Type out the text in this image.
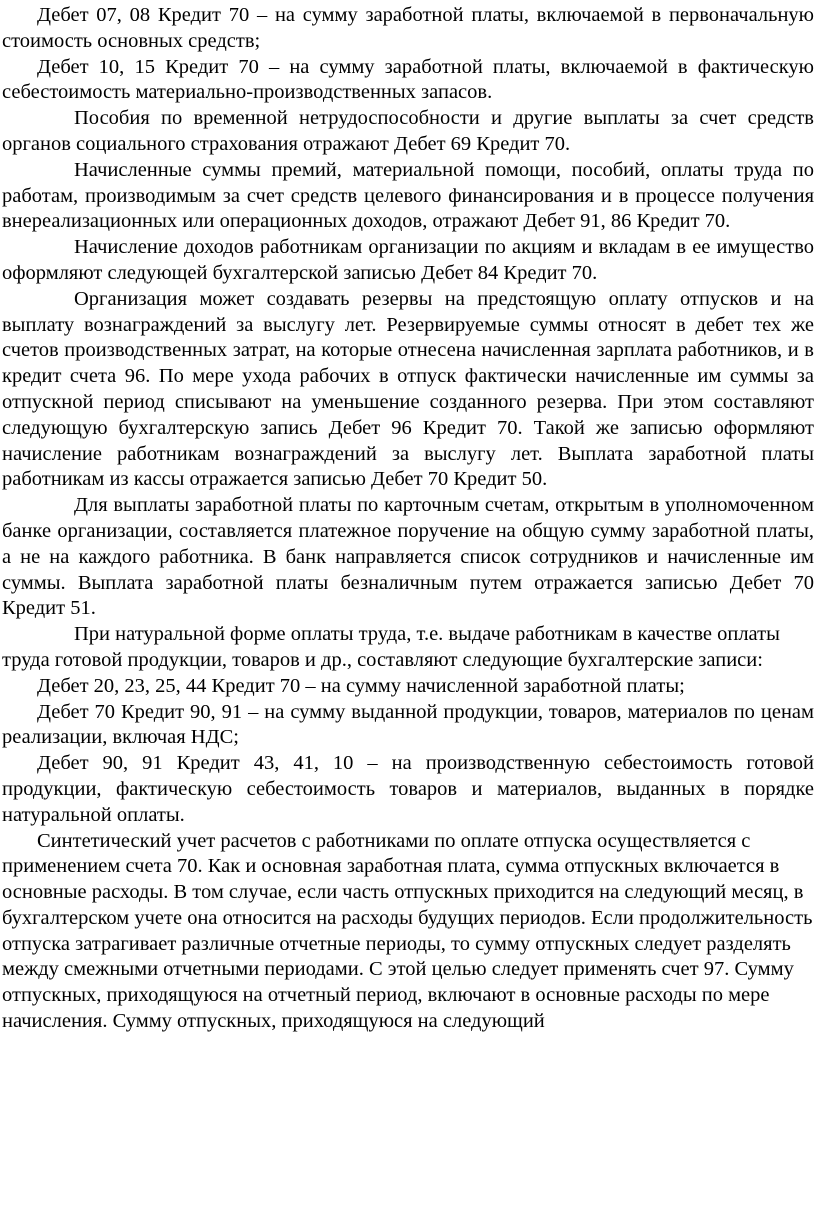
Дебет 07, 08 Кредит 70 – на сумму заработной платы, включаемой в первоначальную стоимость основных средств;

Дебет 10, 15 Кредит 70 – на сумму заработной платы, включаемой в фактическую себестоимость материально-производственных запасов.

Пособия по временной нетрудоспособности и другие выплаты за счет средств органов социального страхования отражают Дебет 69 Кредит 70.

Начисленные суммы премий, материальной помощи, пособий, оплаты труда по работам, производимым за счет средств целевого финансирования и в процессе получения внереализационных или операционных доходов, отражают Дебет 91, 86 Кредит 70.

Начисление доходов работникам организации по акциям и вкладам в ее имущество оформляют следующей бухгалтерской записью Дебет 84 Кредит 70.

Организация может создавать резервы на предстоящую оплату отпусков и на выплату вознаграждений за выслугу лет. Резервируемые суммы относят в дебет тех же счетов производственных затрат, на которые отнесена начисленная зарплата работников, и в кредит счета 96. По мере ухода рабочих в отпуск фактически начисленные им суммы за отпускной период списывают на уменьшение созданного резерва. При этом составляют следующую бухгалтерскую запись Дебет 96 Кредит 70. Такой же записью оформляют начисление работникам вознаграждений за выслугу лет. Выплата заработной платы работникам из кассы отражается записью Дебет 70 Кредит 50.

Для выплаты заработной платы по карточным счетам, открытым в уполномоченном банке организации, составляется платежное поручение на общую сумму заработной платы, а не на каждого работника. В банк направляется список сотрудников и начисленные им суммы. Выплата заработной платы безналичным путем отражается записью Дебет 70 Кредит 51.

При натуральной форме оплаты труда, т.е. выдаче работникам в качестве оплаты труда готовой продукции, товаров и др., составляют следующие бухгалтерские записи:

Дебет 20, 23, 25, 44 Кредит 70 – на сумму начисленной заработной платы;

Дебет 70 Кредит 90, 91 – на сумму выданной продукции, товаров, материалов по ценам реализации, включая НДС;

Дебет 90, 91 Кредит 43, 41, 10 – на производственную себестоимость готовой продукции, фактическую себестоимость товаров и материалов, выданных в порядке натуральной оплаты.

Синтетический учет расчетов с работниками по оплате отпуска осуществляется с применением счета 70. Как и основная заработная плата, сумма отпускных включается в основные расходы. В том случае, если часть отпускных приходится на следующий месяц, в бухгалтерском учете она относится на расходы будущих периодов. Если продолжительность отпуска затрагивает различные отчетные периоды, то сумму отпускных следует разделять между смежными отчетными периодами. С этой целью следует применять счет 97. Сумму отпускных, приходящуюся на отчетный период, включают в основные расходы по мере начисления. Сумму отпускных, приходящуюся на следующий
